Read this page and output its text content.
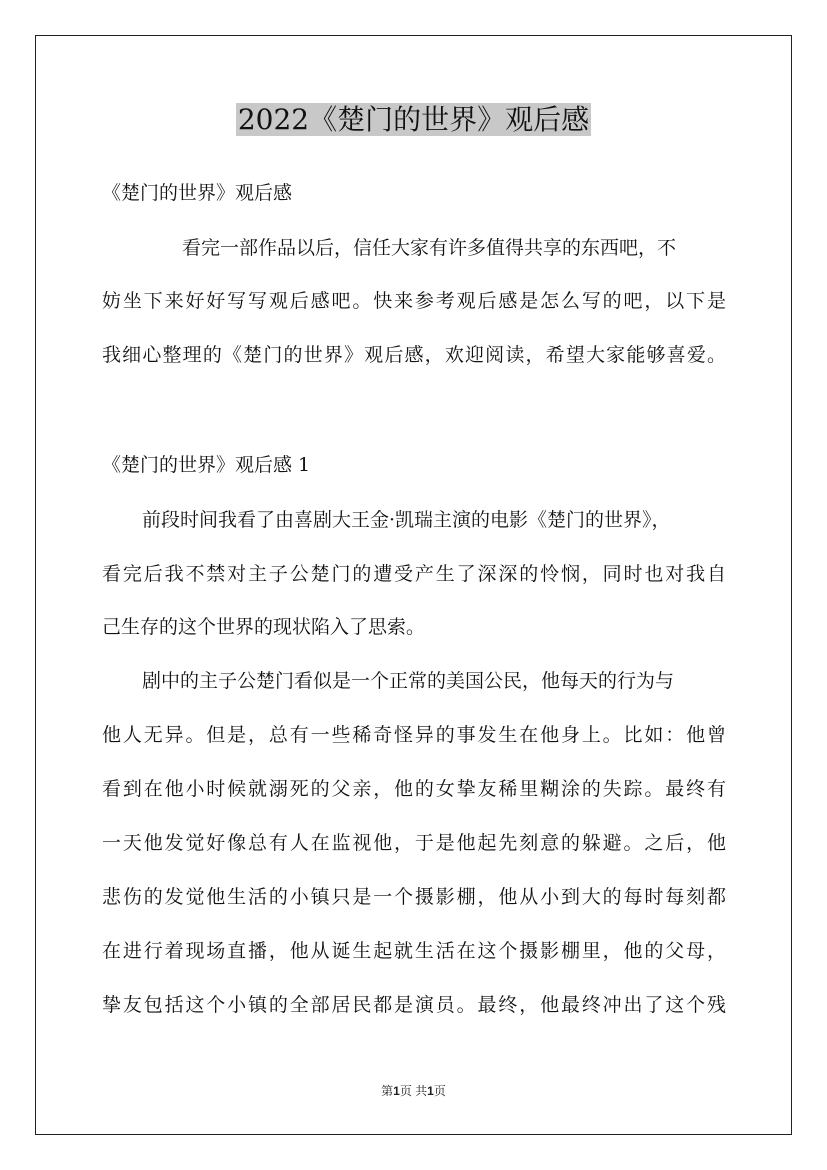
2022《楚门的世界》观后感

《楚门的世界》观后感

看完一部作品以后，信任大家有许多值得共享的东西吧，不

妨坐下来好好写写观后感吧。快来参考观后感是怎么写的吧，以下是

我细心整理的《楚门的世界》观后感，欢迎阅读，希望大家能够喜爱。

《楚门的世界》观后感 1

前段时间我看了由喜剧大王金·凯瑞主演的电影《楚门的世界》，

看完后我不禁对主子公楚门的遭受产生了深深的怜悯，同时也对我自

己生存的这个世界的现状陷入了思索。

剧中的主子公楚门看似是一个正常的美国公民，他每天的行为与

他人无异。但是，总有一些稀奇怪异的事发生在他身上。比如：他曾

看到在他小时候就溺死的父亲，他的女挚友稀里糊涂的失踪。最终有

一天他发觉好像总有人在监视他，于是他起先刻意的躲避。之后，他

悲伤的发觉他生活的小镇只是一个摄影棚，他从小到大的每时每刻都

在进行着现场直播，他从诞生起就生活在这个摄影棚里，他的父母，

挚友包括这个小镇的全部居民都是演员。最终，他最终冲出了这个残

第1页 共1页
